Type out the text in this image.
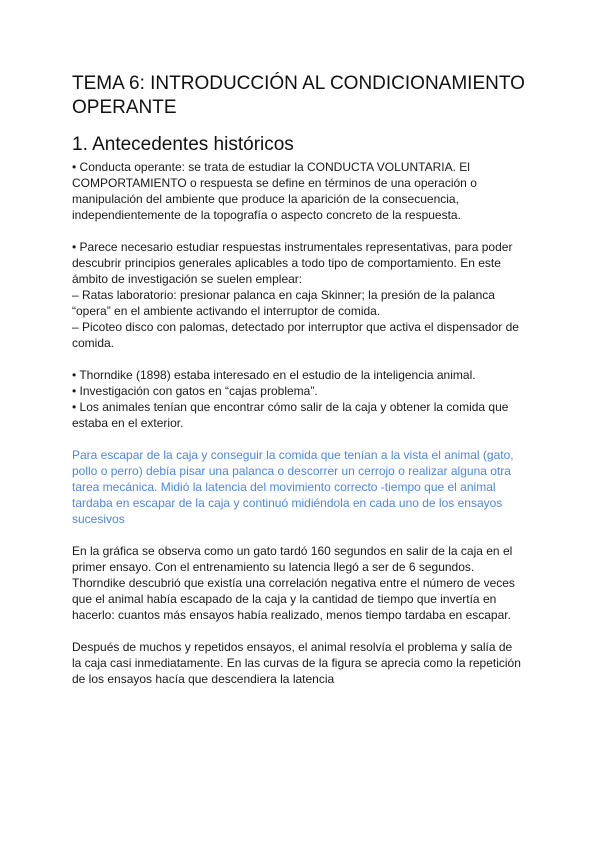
TEMA 6: INTRODUCCIÓN AL CONDICIONAMIENTO
OPERANTE
1. Antecedentes históricos

• Conducta operante: se trata de estudiar la CONDUCTA VOLUNTARIA. El
COMPORTAMIENTO o respuesta se define en términos de una operación o
manipulación del ambiente que produce la aparición de la consecuencia,
independientemente de la topografía o aspecto concreto de la respuesta.

• Parece necesario estudiar respuestas instrumentales representativas, para poder
descubrir principios generales aplicables a todo tipo de comportamiento. En este
ámbito de investigación se suelen emplear:
– Ratas laboratorio: presionar palanca en caja Skinner; la presión de la palanca
“opera” en el ambiente activando el interruptor de comida.
– Picoteo disco con palomas, detectado por interruptor que activa el dispensador de
comida.

• Thorndike (1898) estaba interesado en el estudio de la inteligencia animal.
• Investigación con gatos en “cajas problema”.
• Los animales tenían que encontrar cómo salir de la caja y obtener la comida que
estaba en el exterior.

Para escapar de la caja y conseguir la comida que tenían a la vista el animal (gato,
pollo o perro) debía pisar una palanca o descorrer un cerrojo o realizar alguna otra
tarea mecánica. Midió la latencia del movimiento correcto -tiempo que el animal
tardaba en escapar de la caja y continuó midiéndola en cada uno de los ensayos
sucesivos

En la gráfica se observa como un gato tardó 160 segundos en salir de la caja en el
primer ensayo. Con el entrenamiento su latencia llegó a ser de 6 segundos.
Thorndike descubrió que existía una correlación negativa entre el número de veces
que el animal había escapado de la caja y la cantidad de tiempo que invertía en
hacerlo: cuantos más ensayos había realizado, menos tiempo tardaba en escapar.

Después de muchos y repetidos ensayos, el animal resolvía el problema y salía de
la caja casi inmediatamente. En las curvas de la figura se aprecia como la repetición
de los ensayos hacía que descendiera la latencia
